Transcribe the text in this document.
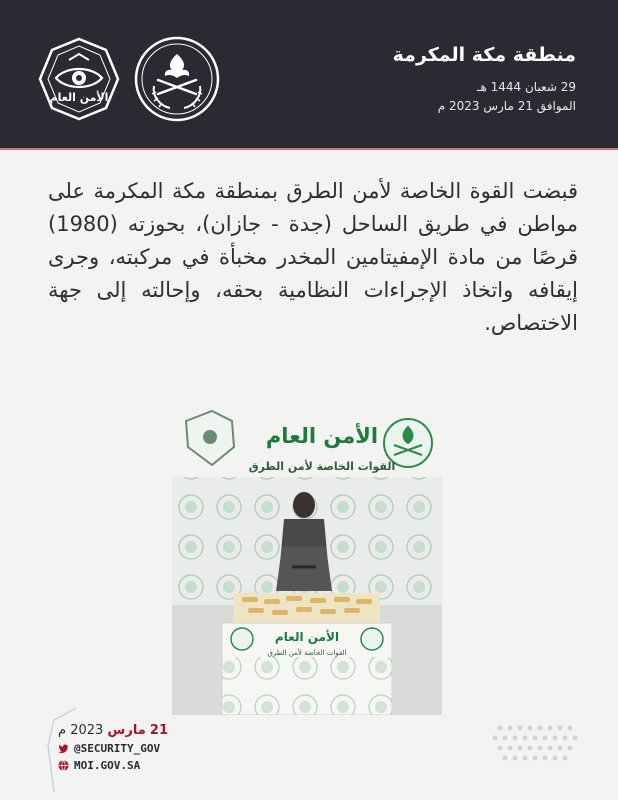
منطقة مكة المكرمة
29 شعبان 1444 هـ
الموافق 21 مارس 2023 م
الأمن العام

قبضت القوة الخاصة لأمن الطرق بمنطقة مكة المكرمة على مواطن في طريق الساحل (جدة - جازان)، بحوزته (1980) قرصًا من مادة الإمفيتامين المخدر مخبأة في مركبته، وجرى إيقافه واتخاذ الإجراءات النظامية بحقه، وإحالته إلى جهة الاختصاص.

الأمن العام
القوات الخاصة لأمن الطرق
الأمن العام
القوات الخاصة لأمن الطرق
21 مارس 2023 م
@SECURITY_GOV
MOI.GOV.SA
